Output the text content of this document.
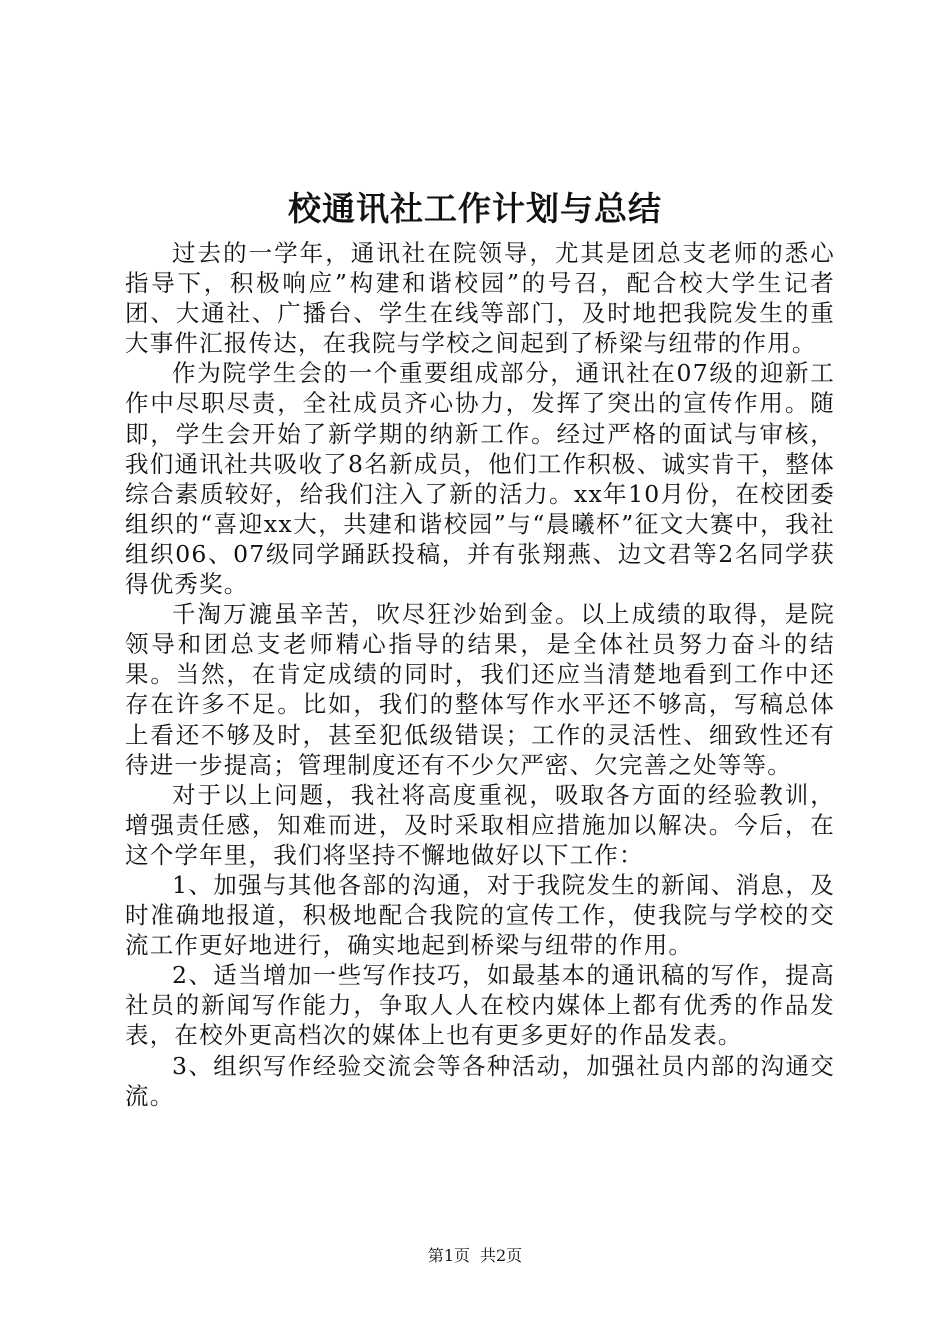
校通讯社工作计划与总结

过去的一学年，通讯社在院领导，尤其是团总支老师的悉心指导下，积极响应”构建和谐校园”的号召，配合校大学生记者团、大通社、广播台、学生在线等部门，及时地把我院发生的重大事件汇报传达，在我院与学校之间起到了桥梁与纽带的作用。

作为院学生会的一个重要组成部分，通讯社在07级的迎新工作中尽职尽责，全社成员齐心协力，发挥了突出的宣传作用。随即，学生会开始了新学期的纳新工作。经过严格的面试与审核，我们通讯社共吸收了8名新成员，他们工作积极、诚实肯干，整体综合素质较好，给我们注入了新的活力。xx年10月份，在校团委组织的“喜迎xx大，共建和谐校园”与“晨曦杯”征文大赛中，我社组织06、07级同学踊跃投稿，并有张翔燕、边文君等2名同学获得优秀奖。

千淘万漉虽辛苦，吹尽狂沙始到金。以上成绩的取得，是院领导和团总支老师精心指导的结果，是全体社员努力奋斗的结果。当然，在肯定成绩的同时，我们还应当清楚地看到工作中还存在许多不足。比如，我们的整体写作水平还不够高，写稿总体上看还不够及时，甚至犯低级错误；工作的灵活性、细致性还有待进一步提高；管理制度还有不少欠严密、欠完善之处等等。

对于以上问题，我社将高度重视，吸取各方面的经验教训，增强责任感，知难而进，及时采取相应措施加以解决。今后，在这个学年里，我们将坚持不懈地做好以下工作：

1、加强与其他各部的沟通，对于我院发生的新闻、消息，及时准确地报道，积极地配合我院的宣传工作，使我院与学校的交流工作更好地进行，确实地起到桥梁与纽带的作用。

2、适当增加一些写作技巧，如最基本的通讯稿的写作，提高社员的新闻写作能力，争取人人在校内媒体上都有优秀的作品发表，在校外更高档次的媒体上也有更多更好的作品发表。

3、组织写作经验交流会等各种活动，加强社员内部的沟通交流。

第1页 共2页
